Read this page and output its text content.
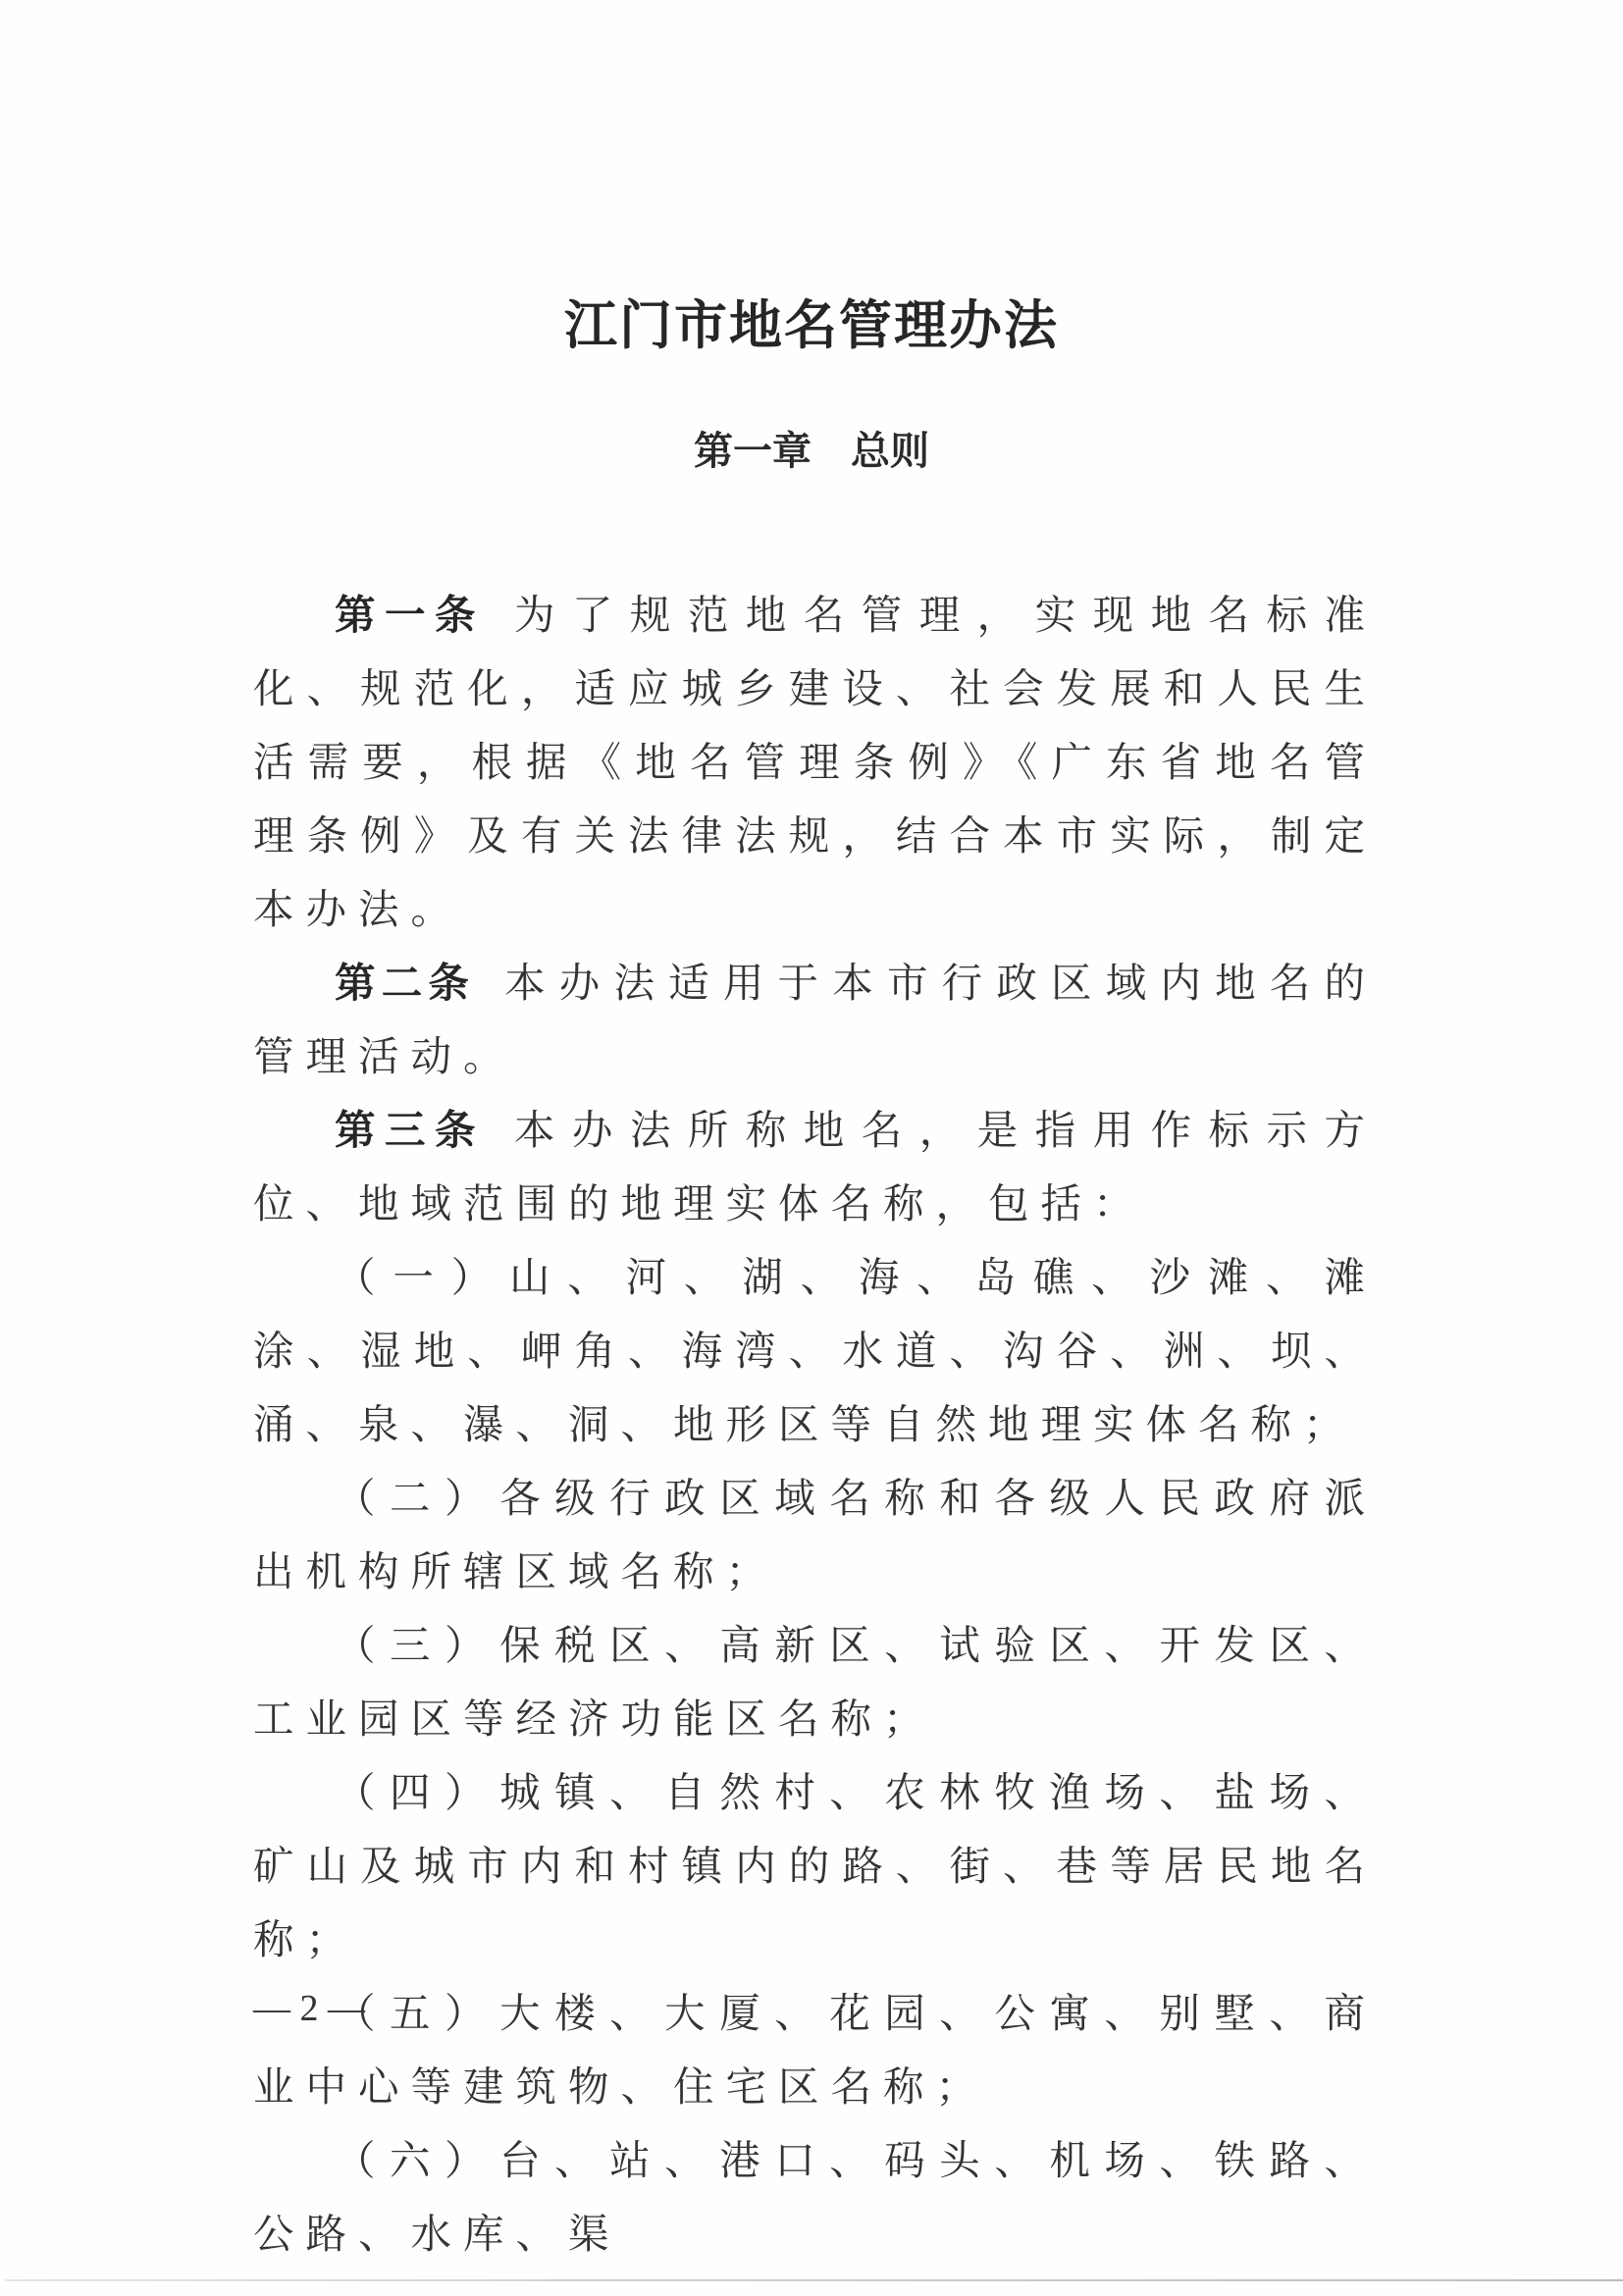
江门市地名管理办法
第一章　总则

第一条 为了规范地名管理，实现地名标准化、规范化，适应城乡建设、社会发展和人民生活需要，根据《地名管理条例》《广东省地名管理条例》及有关法律法规，结合本市实际，制定本办法。

第二条 本办法适用于本市行政区域内地名的管理活动。

第三条 本办法所称地名，是指用作标示方位、地域范围的地理实体名称，包括：

（一）山、河、湖、海、岛礁、沙滩、滩涂、湿地、岬角、海湾、水道、沟谷、洲、坝、涌、泉、瀑、洞、地形区等自然地理实体名称；

（二）各级行政区域名称和各级人民政府派出机构所辖区域名称；

（三）保税区、高新区、试验区、开发区、工业园区等经济功能区名称；

（四）城镇、自然村、农林牧渔场、盐场、矿山及城市内和村镇内的路、街、巷等居民地名称；

（五）大楼、大厦、花园、公寓、别墅、商业中心等建筑物、住宅区名称；

（六）台、站、港口、码头、机场、铁路、公路、水库、渠

— 2 —
